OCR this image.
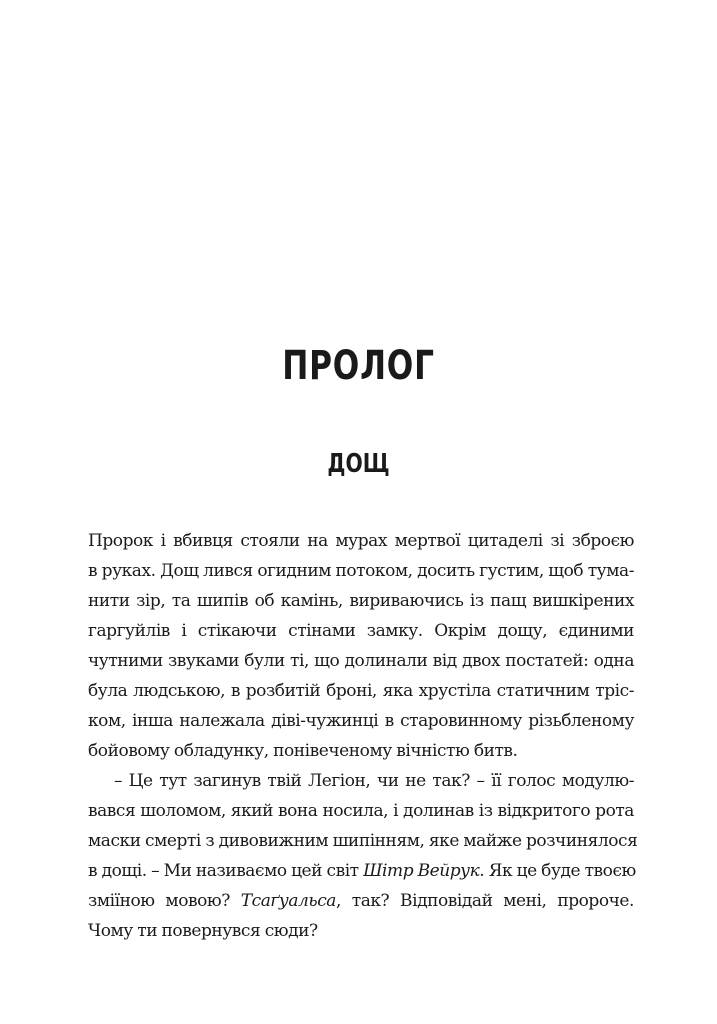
ПРОЛОГ
ДОЩ
Пророк і вбивця стояли на мурах мертвої цитаделі зі зброєю
в руках. Дощ лився огидним потоком, досить густим, щоб тума-
нити зір, та шипів об камінь, вириваючись із пащ вишкірених
гаргуйлів і стікаючи стінами замку. Окрім дощу, єдиними
чутними звуками були ті, що долинали від двох постатей: одна
була людською, в розбитій броні, яка хрустіла статичним тріс-
ком, інша належала діві-чужинці в старовинному різьбленому
бойовому обладунку, понівеченому вічністю битв.
– Це тут загинув твій Легіон, чи не так? – її голос модулю-
вався шоломом, який вона носила, і долинав із відкритого рота
маски смерті з дивовижним шипінням, яке майже розчинялося
в дощі. – Ми називаємо цей світ Шітр Вейрук. Як це буде твоєю
зміїною мовою? Тсаґуальса, так? Відповідай мені, пророче.
Чому ти повернувся сюди?
